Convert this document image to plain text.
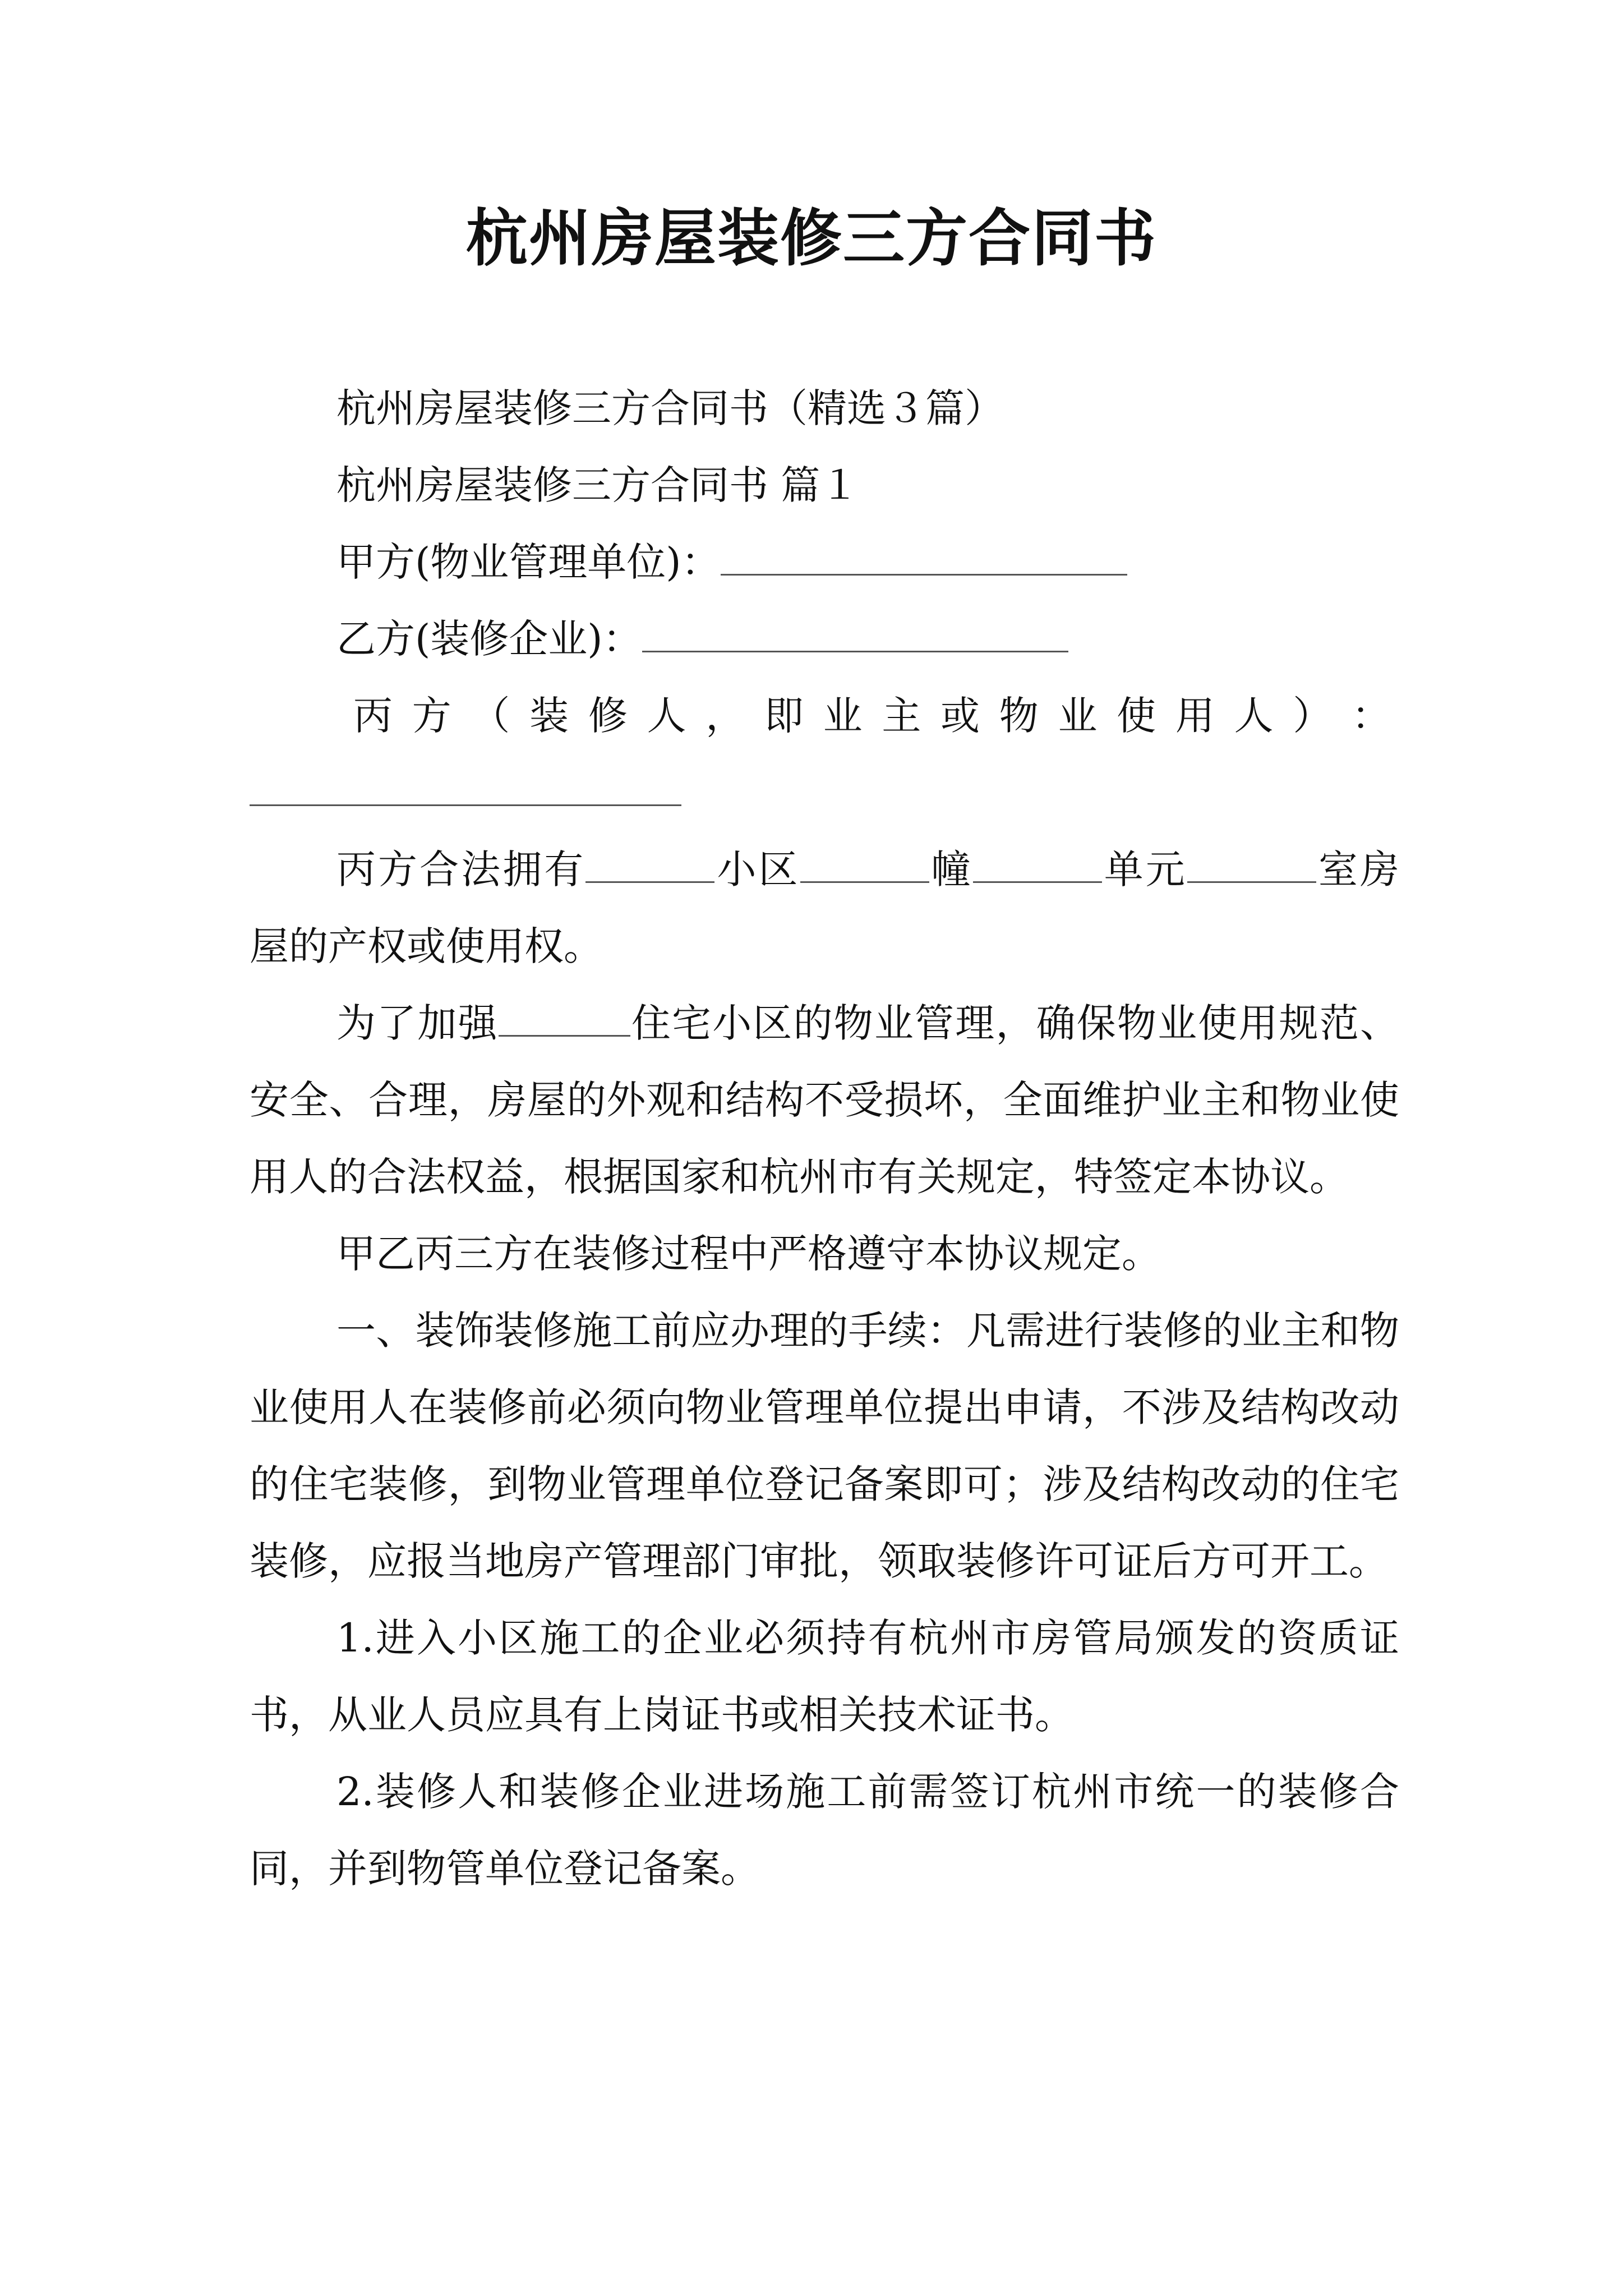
杭州房屋装修三方合同书
杭州房屋装修三方合同书（精选３篇）
杭州房屋装修三方合同书 篇１
甲方(物业管理单位)：
乙方(装修企业)：
丙 方 （ 装 修 人 ， 即 业 主 或 物 业 使 用 人 ） ：
丙方合法拥有	小区	幢	单元	室房屋的产权或使用权。
为了加强	住宅小区的物业管理，确保物业使用规范、安全、合理，房屋的外观和结构不受损坏，全面维护业主和物业使用人的合法权益，根据国家和杭州市有关规定，特签定本协议。
甲乙丙三方在装修过程中严格遵守本协议规定。
一、装饰装修施工前应办理的手续：凡需进行装修的业主和物业使用人在装修前必须向物业管理单位提出申请，不涉及结构改动的住宅装修，到物业管理单位登记备案即可；涉及结构改动的住宅装修，应报当地房产管理部门审批，领取装修许可证后方可开工。
1.进入小区施工的企业必须持有杭州市房管局颁发的资质证书，从业人员应具有上岗证书或相关技术证书。
2.装修人和装修企业进场施工前需签订杭州市统一的装修合同，并到物管单位登记备案。
